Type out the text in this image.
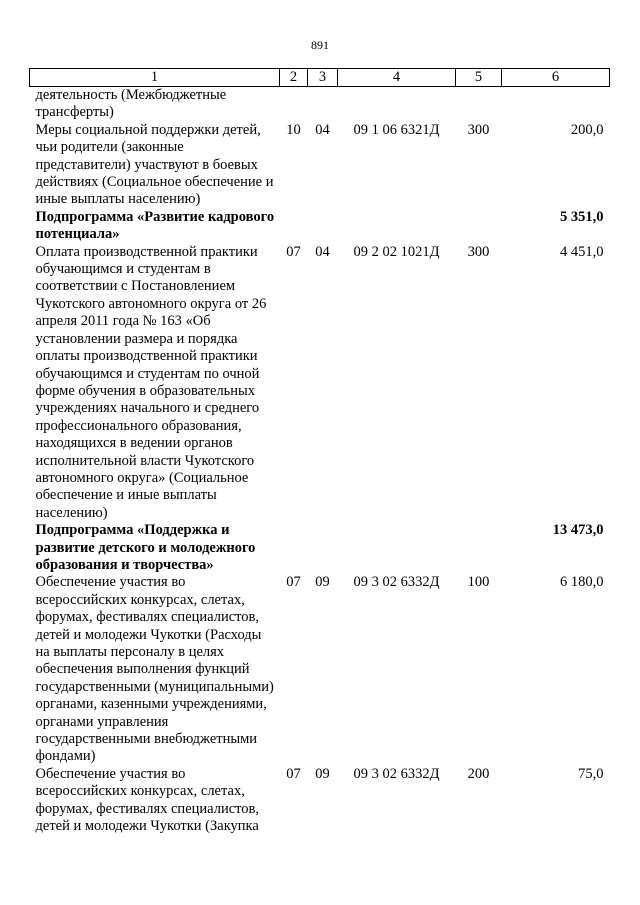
891
1	2	3	4	5	6
деятельность (Межбюджетные трансферты)					
Меры социальной поддержки детей, чьи родители (законные представители) участвуют в боевых действиях (Социальное обеспечение и иные выплаты населению)	10	04	09 1 06 6321Д	300	200,0
Подпрограмма «Развитие кадрового потенциала»					5 351,0
Оплата производственной практики обучающимся и студентам в соответствии с Постановлением Чукотского автономного округа от 26 апреля 2011 года № 163 «Об установлении размера и порядка оплаты производственной практики обучающимся и студентам по очной форме обучения в образовательных учреждениях начального и среднего профессионального образования, находящихся в ведении органов исполнительной власти Чукотского автономного округа» (Социальное обеспечение и иные выплаты населению)	07	04	09 2 02 1021Д	300	4 451,0
Подпрограмма «Поддержка и развитие детского и молодежного образования и творчества»					13 473,0
Обеспечение участия во всероссийских конкурсах, слетах, форумах, фестивалях специалистов, детей и молодежи Чукотки (Расходы на выплаты персоналу в целях обеспечения выполнения функций государственными (муниципальными) органами, казенными учреждениями, органами управления государственными внебюджетными фондами)	07	09	09 3 02 6332Д	100	6 180,0
Обеспечение участия во всероссийских конкурсах, слетах, форумах, фестивалях специалистов, детей и молодежи Чукотки (Закупка	07	09	09 3 02 6332Д	200	75,0
